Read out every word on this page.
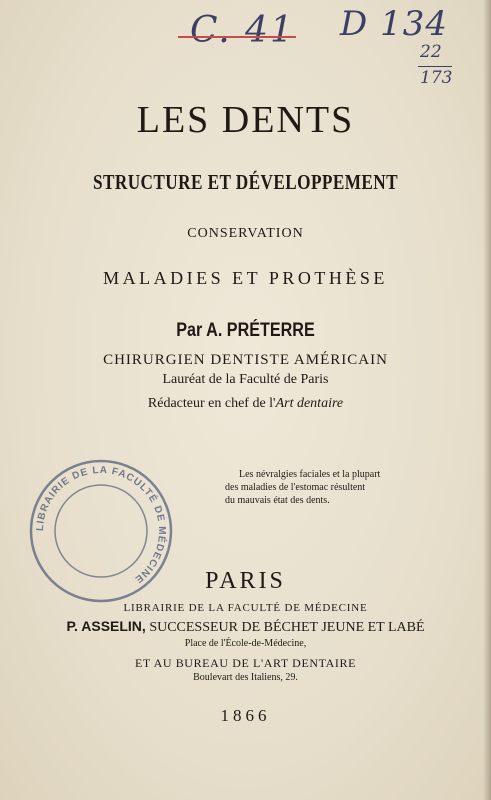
C. 41 D 134
22
173
LES DENTS
STRUCTURE ET DÉVELOPPEMENT
CONSERVATION
MALADIES ET PROTHÈSE
Par A. PRÉTERRE
CHIRURGIEN DENTISTE AMÉRICAIN
Lauréat de la Faculté de Paris
Rédacteur en chef de l'Art dentaire
Les névralgies faciales et la plupart
des maladies de l'estomac résultent
du mauvais état des dents.
LIBRAIRIE DE LA FACULTÉ DE MÉDECINE	PARIS
LIBRAIRIE DE LA FACULTÉ DE MÉDECINE
P. ASSELIN, SUCCESSEUR DE BÉCHET JEUNE ET LABÉ
Place de l'École-de-Médecine,
ET AU BUREAU DE L'ART DENTAIRE
Boulevart des Italiens, 29.
1866
